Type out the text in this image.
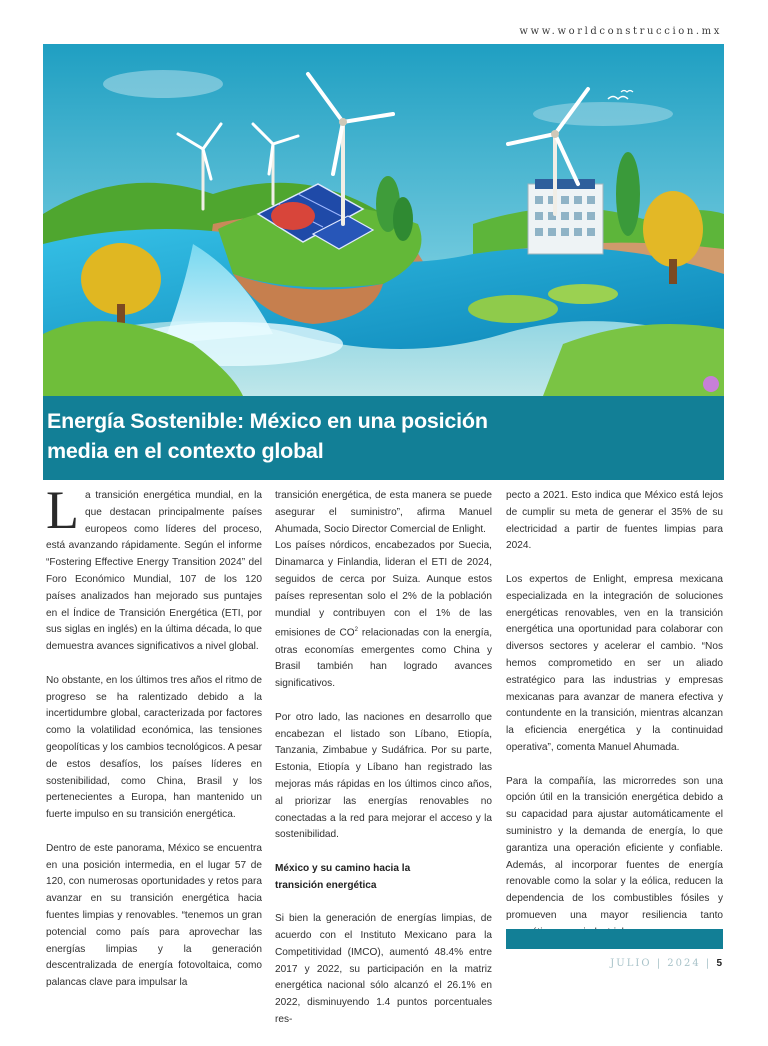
www.worldconstruccion.mx
Energía Sostenible: México en una posición
media en el contexto global

La transición energética mundial, en la que destacan principalmente países europeos como líderes del proceso, está avanzando rápidamente. Según el informe “Fostering Effective Energy Transition 2024” del Foro Económico Mundial, 107 de los 120 países analizados han mejorado sus puntajes en el Índice de Transición Energética (ETI, por sus siglas en inglés) en la última década, lo que demuestra avances significativos a nivel global.

No obstante, en los últimos tres años el ritmo de progreso se ha ralentizado debido a la incertidumbre global, caracterizada por factores como la volatilidad económica, las tensiones geopolíticas y los cambios tecnológicos. A pesar de estos desafíos, los países líderes en sostenibilidad, como China, Brasil y los pertenecientes a Europa, han mantenido un fuerte impulso en su transición energética.

Dentro de este panorama, México se encuentra en una posición intermedia, en el lugar 57 de 120, con numerosas oportunidades y retos para avanzar en su transición energética hacia fuentes limpias y renovables. “tenemos un gran potencial como país para aprovechar las energías limpias y la generación descentralizada de energía fotovoltaica, como palancas clave para impulsar la

transición energética, de esta manera se puede asegurar el suministro”, afirma Manuel Ahumada, Socio Director Comercial de Enlight.

Los países nórdicos, encabezados por Suecia, Dinamarca y Finlandia, lideran el ETI de 2024, seguidos de cerca por Suiza. Aunque estos países representan solo el 2% de la población mundial y contribuyen con el 1% de las emisiones de $CO^2$ relacionadas con la energía, otras economías emergentes como China y Brasil también han logrado avances significativos.

Por otro lado, las naciones en desarrollo que encabezan el listado son Líbano, Etiopía, Tanzania, Zimbabue y Sudáfrica. Por su parte, Estonia, Etiopía y Líbano han registrado las mejoras más rápidas en los últimos cinco años, al priorizar las energías renovables no conectadas a la red para mejorar el acceso y la sostenibilidad.

México y su camino hacia la
transición energética

Si bien la generación de energías limpias, de acuerdo con el Instituto Mexicano para la Competitividad (IMCO), aumentó 48.4% entre 2017 y 2022, su participación en la matriz energética nacional sólo alcanzó el 26.1% en 2022, disminuyendo 1.4 puntos porcentuales res-

pecto a 2021. Esto indica que México está lejos de cumplir su meta de generar el 35% de su electricidad a partir de fuentes limpias para 2024.

Los expertos de Enlight, empresa mexicana especializada en la integración de soluciones energéticas renovables, ven en la transición energética una oportunidad para colaborar con diversos sectores y acelerar el cambio. “Nos hemos comprometido en ser un aliado estratégico para las industrias y empresas mexicanas para avanzar de manera efectiva y contundente en la transición, mientras alcanzan la eficiencia energética y la continuidad operativa”, comenta Manuel Ahumada.

Para la compañía, las microrredes son una opción útil en la transición energética debido a su capacidad para ajustar automáticamente el suministro y la demanda de energía, lo que garantiza una operación eficiente y confiable. Además, al incorporar fuentes de energía renovable como la solar y la eólica, reducen la dependencia de los combustibles fósiles y promueven una mayor resiliencia tanto

JULIO | 2024 | 5
